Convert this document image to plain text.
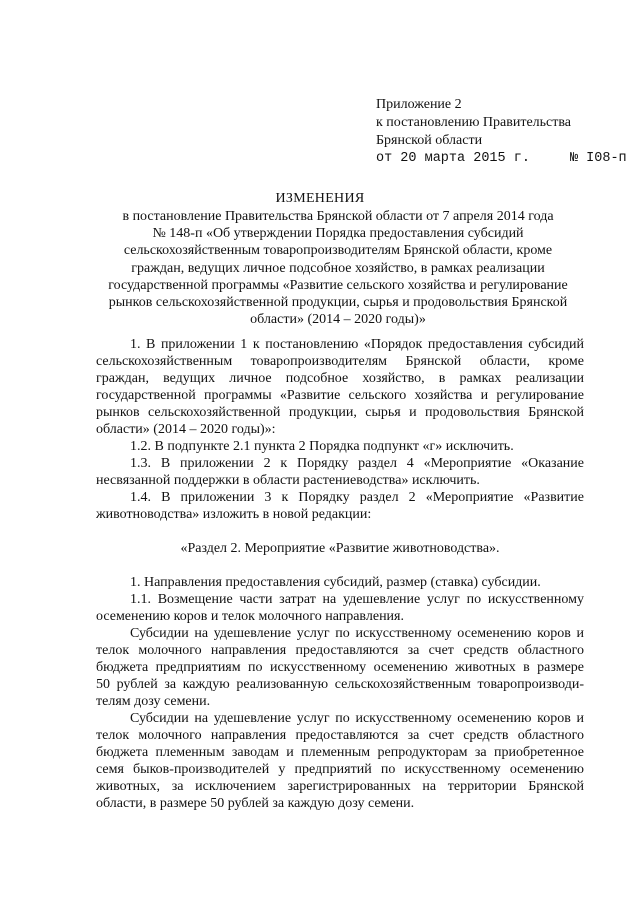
Приложение 2
к постановлению Правительства
Брянской области
от 20 марта 2015 г.	№ I08-п
ИЗМЕНЕНИЯ
в постановление Правительства Брянской области от 7 апреля 2014 года
№ 148-п «Об утверждении Порядка предоставления субсидий
сельскохозяйственным товаропроизводителям Брянской области, кроме
граждан, ведущих личное подсобное хозяйство, в рамках реализации
государственной программы «Развитие сельского хозяйства и регулирование
рынков сельскохозяйственной продукции, сырья и продовольствия Брянской
области» (2014 – 2020 годы)»
1. В приложении 1 к постановлению «Порядок предоставления субсидий
сельскохозяйственным товаропроизводителям Брянской области, кроме
граждан, ведущих личное подсобное хозяйство, в рамках реализации
государственной программы «Развитие сельского хозяйства и регулирование
рынков сельскохозяйственной продукции, сырья и продовольствия Брянской
области» (2014 – 2020 годы)»:
1.2. В подпункте 2.1 пункта 2 Порядка подпункт «г» исключить.
1.3. В приложении 2 к Порядку раздел 4 «Мероприятие «Оказание
несвязанной поддержки в области растениеводства» исключить.
1.4. В приложении 3 к Порядку раздел 2 «Мероприятие «Развитие
животноводства» изложить в новой редакции:
«Раздел 2. Мероприятие «Развитие животноводства».
1. Направления предоставления субсидий, размер (ставка) субсидии.
1.1. Возмещение части затрат на удешевление услуг по искусственному
осеменению коров и телок молочного направления.
Субсидии на удешевление услуг по искусственному осеменению коров и
телок молочного направления предоставляются за счет средств областного
бюджета предприятиям по искусственному осеменению животных в размере
50 рублей за каждую реализованную сельскохозяйственным товаропроизводи-
телям дозу семени.
Субсидии на удешевление услуг по искусственному осеменению коров и
телок молочного направления предоставляются за счет средств областного
бюджета племенным заводам и племенным репродукторам за приобретенное
семя быков-производителей у предприятий по искусственному осеменению
животных, за исключением зарегистрированных на территории Брянской
области, в размере 50 рублей за каждую дозу семени.
